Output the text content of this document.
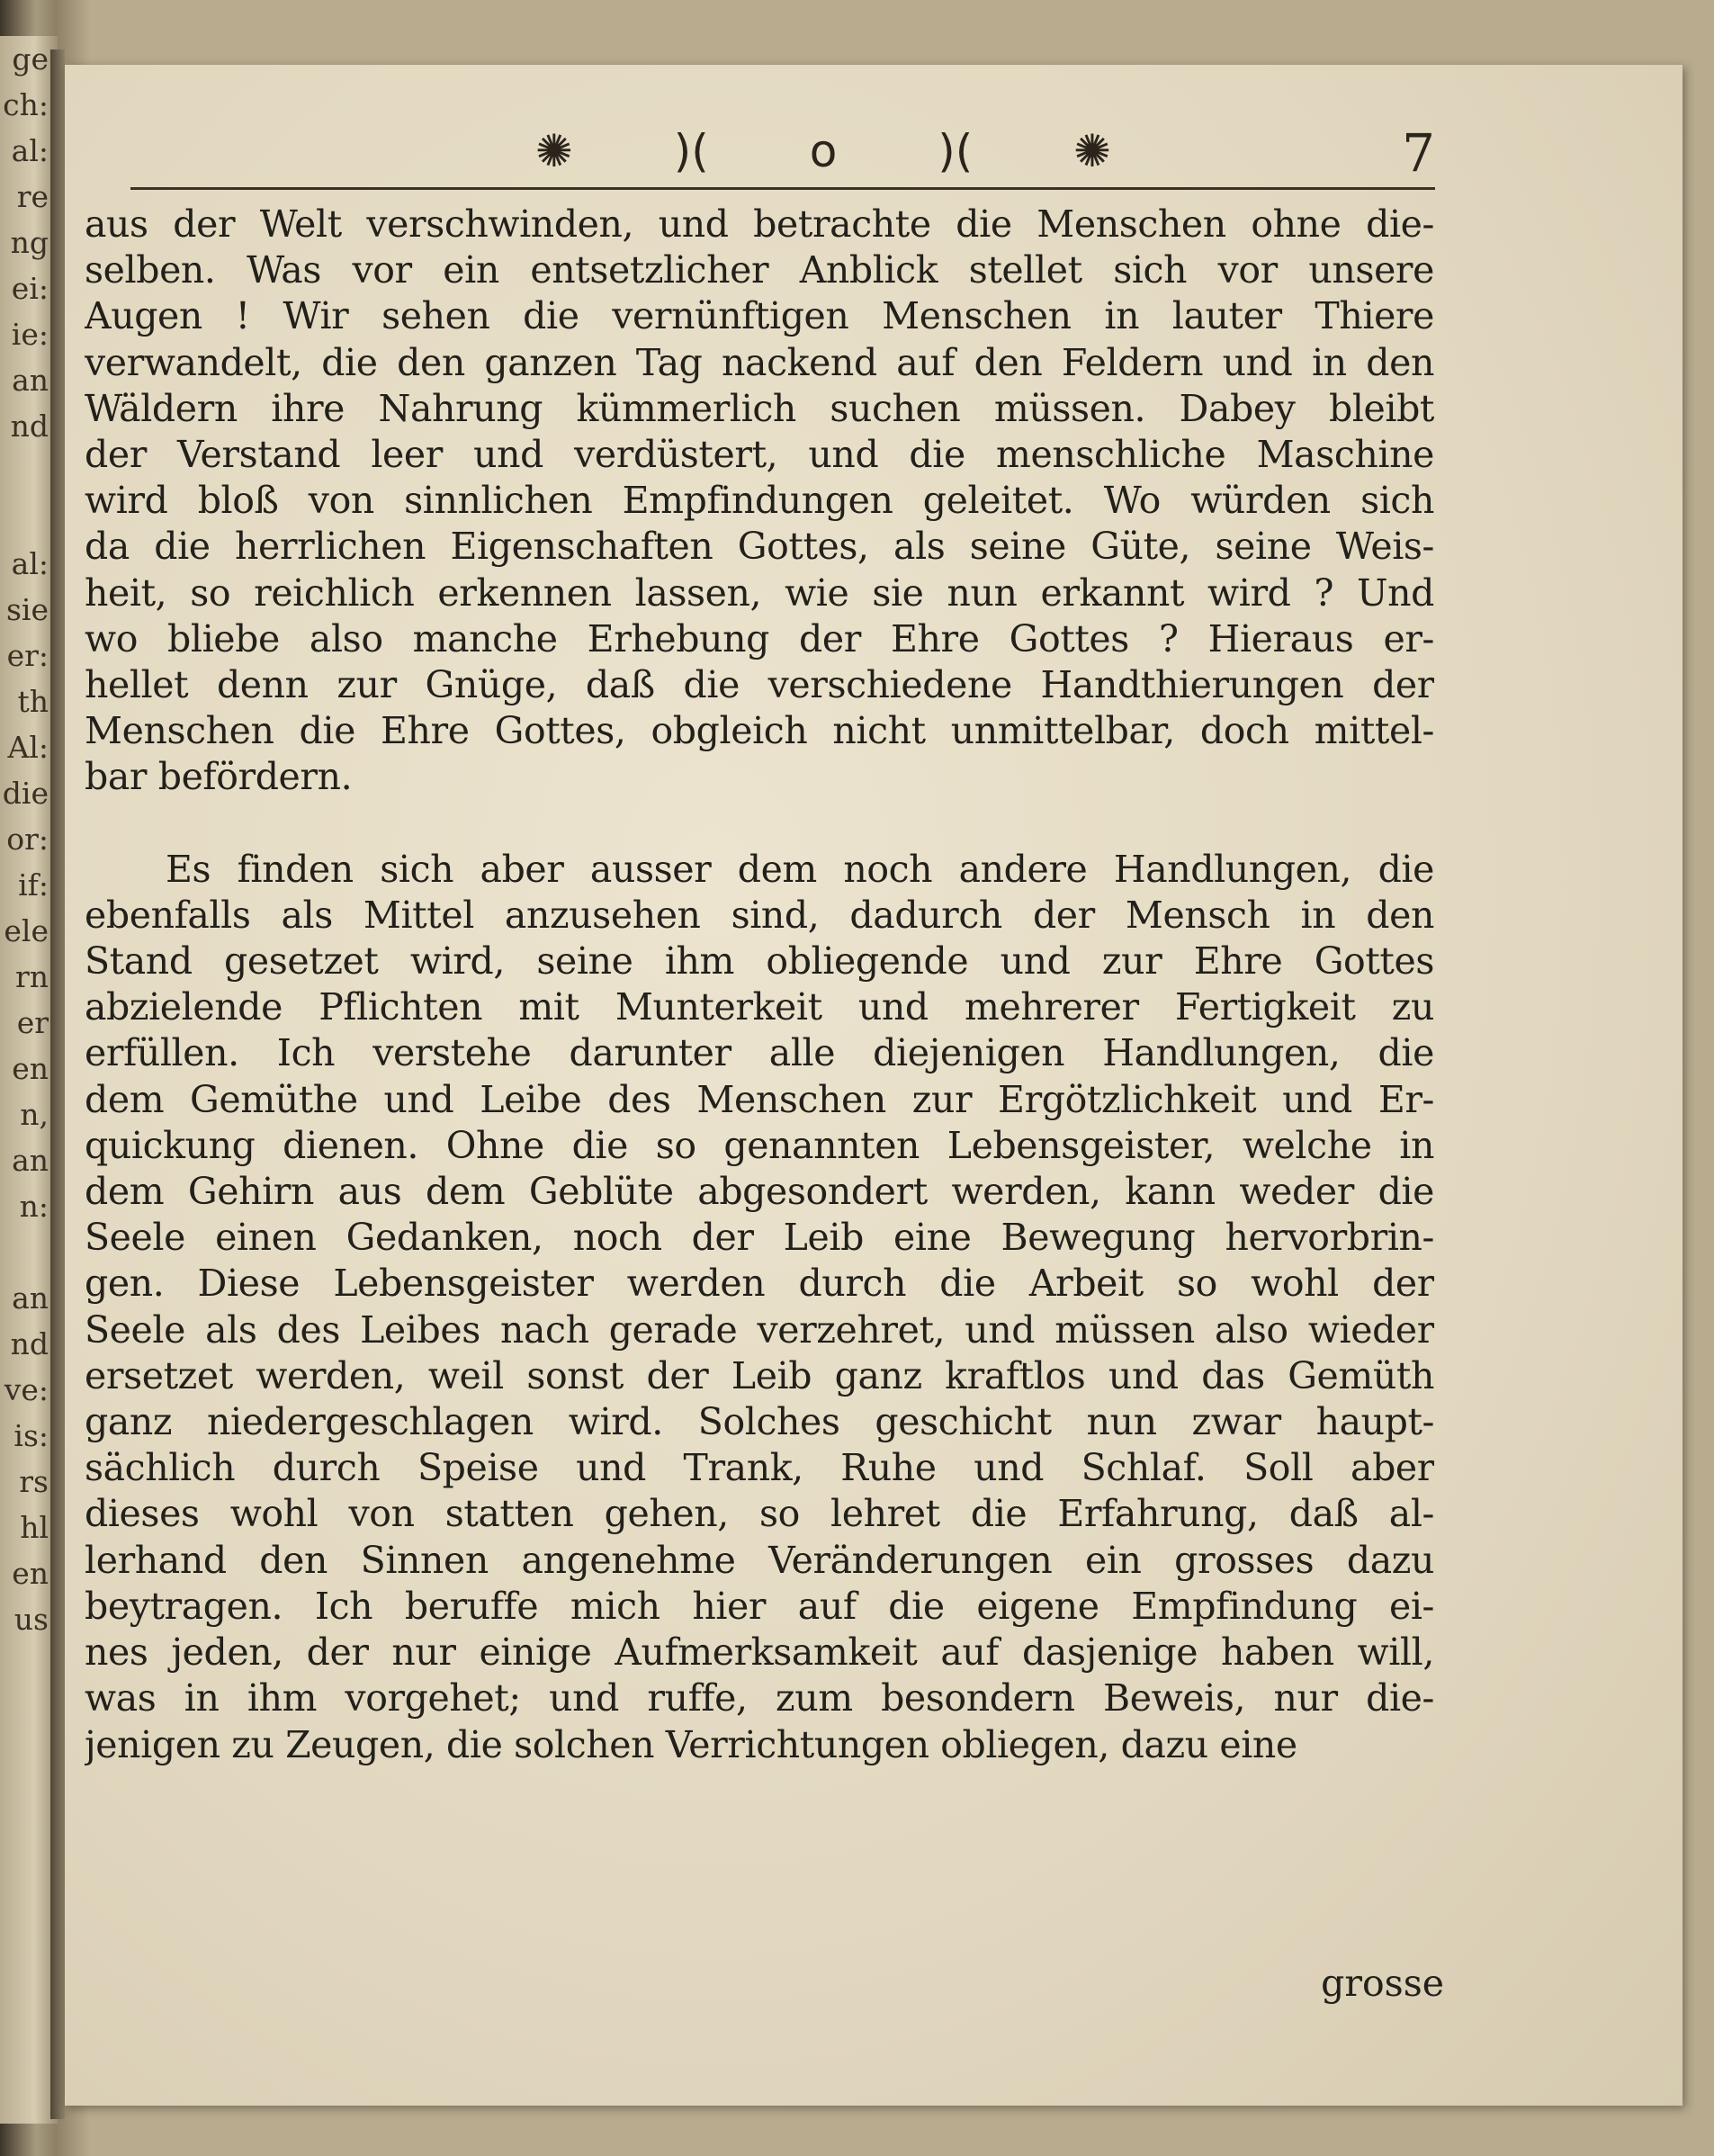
ge
ch:
al:
re
ng
ei:
ie:
an
nd

al:
sie
er:
th
Al:
die
or:
if:
ele
rn
er
en
n,
an
n:

an
nd
ve:
is:
rs
hl
en
us
✺ )( o )( ✺	7
aus der Welt verschwinden, und betrachte die Menschen ohne die-
selben. Was vor ein entsetzlicher Anblick stellet sich vor unsere
Augen ! Wir sehen die vernünftigen Menschen in lauter Thiere
verwandelt, die den ganzen Tag nackend auf den Feldern und in den
Wäldern ihre Nahrung kümmerlich suchen müssen. Dabey bleibt
der Verstand leer und verdüstert, und die menschliche Maschine
wird bloß von sinnlichen Empfindungen geleitet. Wo würden sich
da die herrlichen Eigenschaften Gottes, als seine Güte, seine Weis-
heit, so reichlich erkennen lassen, wie sie nun erkannt wird ? Und
wo bliebe also manche Erhebung der Ehre Gottes ? Hieraus er-
hellet denn zur Gnüge, daß die verschiedene Handthierungen der
Menschen die Ehre Gottes, obgleich nicht unmittelbar, doch mittel-
bar befördern.
Es finden sich aber ausser dem noch andere Handlungen, die
ebenfalls als Mittel anzusehen sind, dadurch der Mensch in den
Stand gesetzet wird, seine ihm obliegende und zur Ehre Gottes
abzielende Pflichten mit Munterkeit und mehrerer Fertigkeit zu
erfüllen. Ich verstehe darunter alle diejenigen Handlungen, die
dem Gemüthe und Leibe des Menschen zur Ergötzlichkeit und Er-
quickung dienen. Ohne die so genannten Lebensgeister, welche in
dem Gehirn aus dem Geblüte abgesondert werden, kann weder die
Seele einen Gedanken, noch der Leib eine Bewegung hervorbrin-
gen. Diese Lebensgeister werden durch die Arbeit so wohl der
Seele als des Leibes nach gerade verzehret, und müssen also wieder
ersetzet werden, weil sonst der Leib ganz kraftlos und das Gemüth
ganz niedergeschlagen wird. Solches geschicht nun zwar haupt-
sächlich durch Speise und Trank, Ruhe und Schlaf. Soll aber
dieses wohl von statten gehen, so lehret die Erfahrung, daß al-
lerhand den Sinnen angenehme Veränderungen ein grosses dazu
beytragen. Ich beruffe mich hier auf die eigene Empfindung ei-
nes jeden, der nur einige Aufmerksamkeit auf dasjenige haben will,
was in ihm vorgehet; und ruffe, zum besondern Beweis, nur die-
jenigen zu Zeugen, die solchen Verrichtungen obliegen, dazu eine
grosse
